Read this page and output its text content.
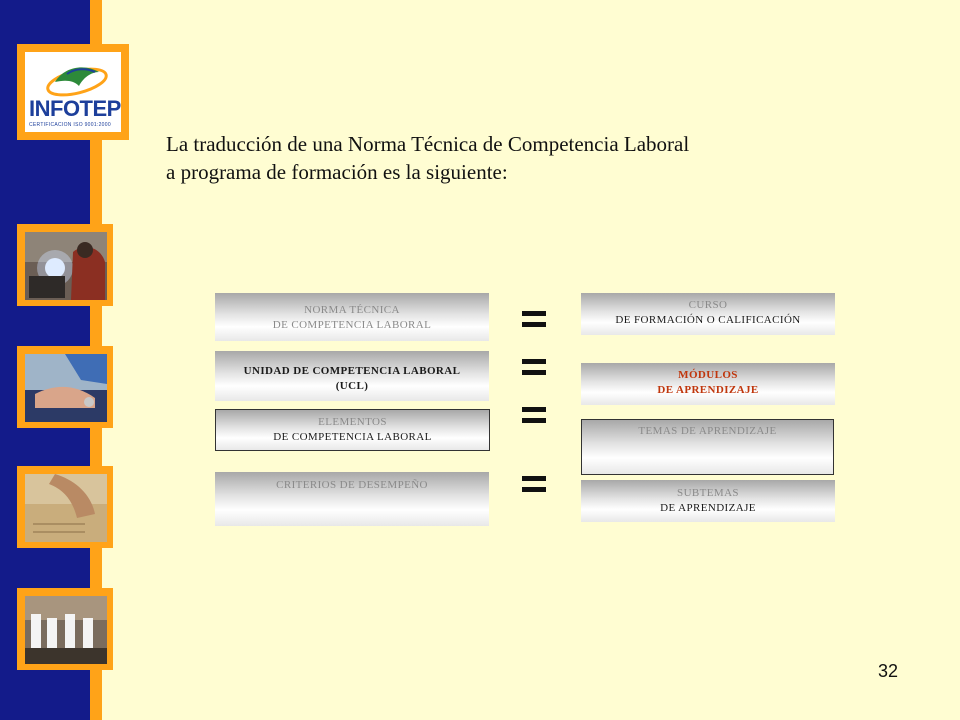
INFOTEP
CERTIFICACION ISO 9001:2000
La traducción de una Norma Técnica de Competencia Laboral
a programa de formación es la siguiente:
NORMA TÉCNICA
DE COMPETENCIA LABORAL
UNIDAD DE COMPETENCIA LABORAL
(UCL)
ELEMENTOS
DE COMPETENCIA LABORAL
CRITERIOS DE DESEMPEÑO
CURSO
DE FORMACIÓN O CALIFICACIÓN
MÓDULOS
DE APRENDIZAJE
TEMAS DE APRENDIZAJE
SUBTEMAS
DE APRENDIZAJE
32
